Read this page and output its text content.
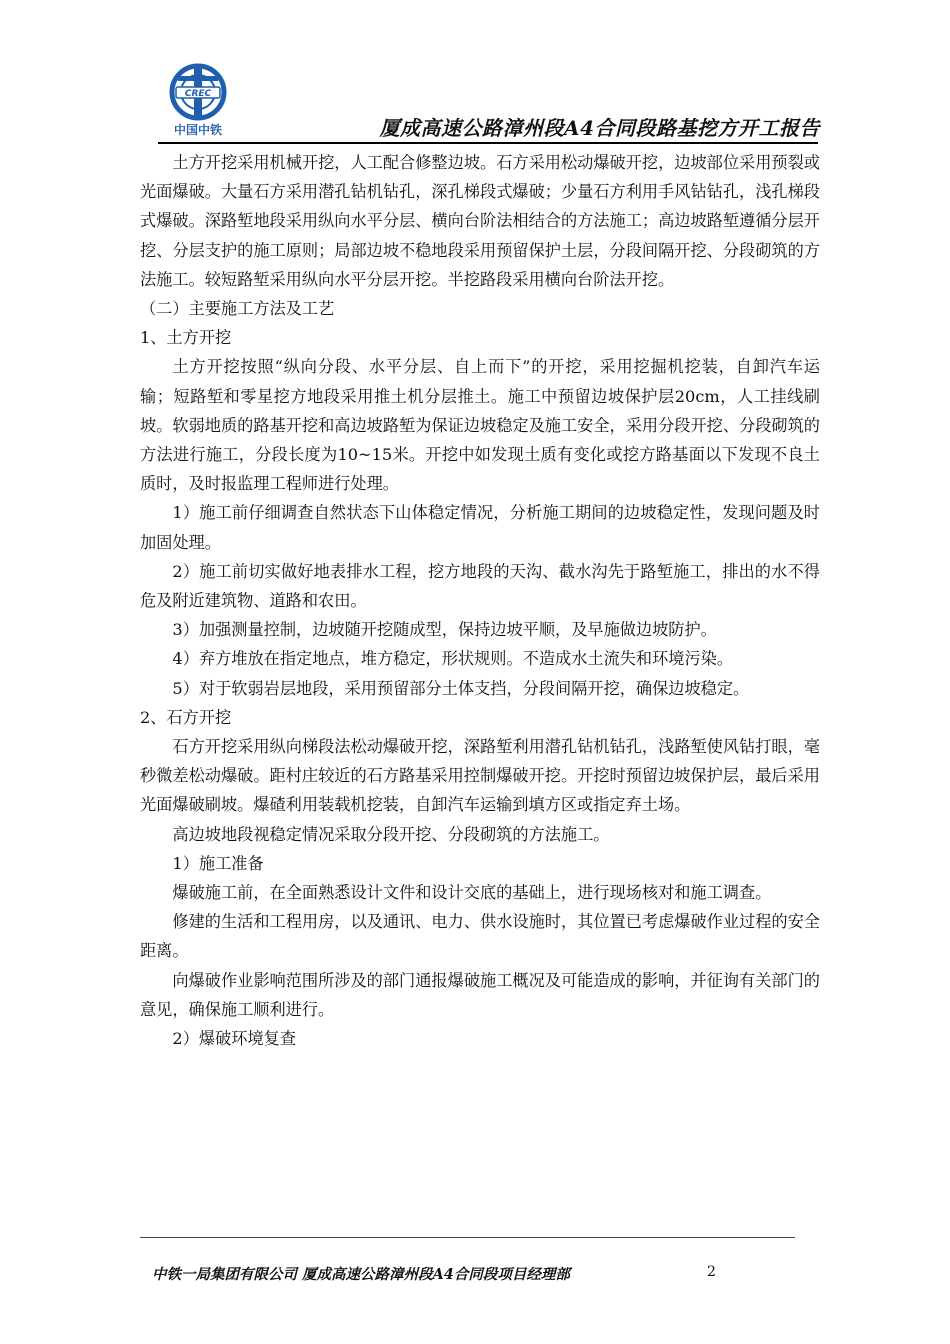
CREC
中国中铁	厦成高速公路漳州段A4合同段路基挖方开工报告

土方开挖采用机械开挖，人工配合修整边坡。石方采用松动爆破开挖，边坡部位采用预裂或光面爆破。大量石方采用潜孔钻机钻孔，深孔梯段式爆破；少量石方利用手风钻钻孔，浅孔梯段式爆破。深路堑地段采用纵向水平分层、横向台阶法相结合的方法施工；高边坡路堑遵循分层开挖、分层支护的施工原则；局部边坡不稳地段采用预留保护土层，分段间隔开挖、分段砌筑的方法施工。较短路堑采用纵向水平分层开挖。半挖路段采用横向台阶法开挖。

（二）主要施工方法及工艺

1、土方开挖

土方开挖按照“纵向分段、水平分层、自上而下”的开挖，采用挖掘机挖装，自卸汽车运输；短路堑和零星挖方地段采用推土机分层推土。施工中预留边坡保护层20cm，人工挂线刷坡。软弱地质的路基开挖和高边坡路堑为保证边坡稳定及施工安全，采用分段开挖、分段砌筑的方法进行施工，分段长度为10~15米。开挖中如发现土质有变化或挖方路基面以下发现不良土质时，及时报监理工程师进行处理。

1）施工前仔细调查自然状态下山体稳定情况，分析施工期间的边坡稳定性，发现问题及时加固处理。

2）施工前切实做好地表排水工程，挖方地段的天沟、截水沟先于路堑施工，排出的水不得危及附近建筑物、道路和农田。

3）加强测量控制，边坡随开挖随成型，保持边坡平顺，及早施做边坡防护。

4）弃方堆放在指定地点，堆方稳定，形状规则。不造成水土流失和环境污染。

5）对于软弱岩层地段，采用预留部分土体支挡，分段间隔开挖，确保边坡稳定。

2、石方开挖

石方开挖采用纵向梯段法松动爆破开挖，深路堑利用潜孔钻机钻孔，浅路堑使风钻打眼，毫秒微差松动爆破。距村庄较近的石方路基采用控制爆破开挖。开挖时预留边坡保护层，最后采用光面爆破刷坡。爆碴利用装载机挖装，自卸汽车运输到填方区或指定弃土场。

高边坡地段视稳定情况采取分段开挖、分段砌筑的方法施工。

1）施工准备

爆破施工前，在全面熟悉设计文件和设计交底的基础上，进行现场核对和施工调查。

修建的生活和工程用房，以及通讯、电力、供水设施时，其位置已考虑爆破作业过程的安全距离。

向爆破作业影响范围所涉及的部门通报爆破施工概况及可能造成的影响，并征询有关部门的意见，确保施工顺利进行。

2）爆破环境复查

中铁一局集团有限公司 厦成高速公路漳州段A4合同段项目经理部	2
